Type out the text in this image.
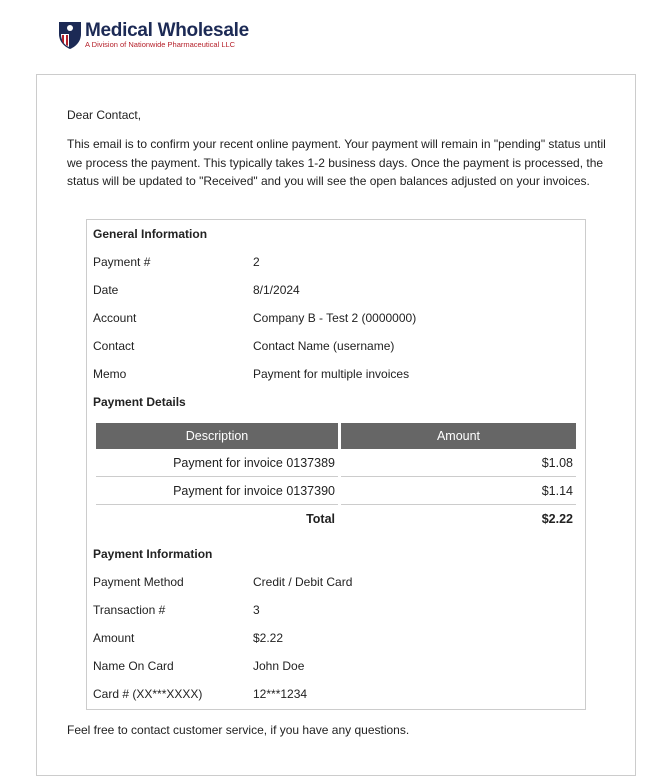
Medical Wholesale
A Division of Nationwide Pharmaceutical LLC
Dear Contact,
This email is to confirm your recent online payment. Your payment will remain in "pending" status until we process the payment. This typically takes 1-2 business days. Once the payment is processed, the status will be updated to "Received" and you will see the open balances adjusted on your invoices.
General Information
Payment #	2
Date	8/1/2024
Account	Company B - Test 2 (0000000)
Contact	Contact Name (username)
Memo	Payment for multiple invoices
Payment Details
Description	Amount
Payment for invoice 0137389	$1.08
Payment for invoice 0137390	$1.14
Total	$2.22
Payment Information
Payment Method	Credit / Debit Card
Transaction #	3
Amount	$2.22
Name On Card	John Doe
Card # (XX***XXXX)	12***1234
Feel free to contact customer service, if you have any questions.
